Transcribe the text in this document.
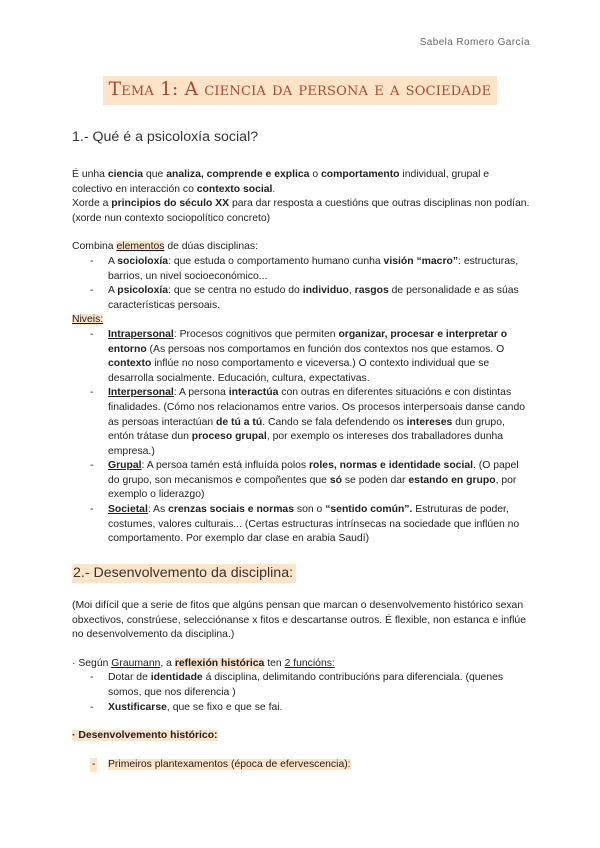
Sabela Romero García
Tema 1: A ciencia da persona e a sociedade
1.- Qué é a psicoloxía social?

É unha ciencia que analiza, comprende e explica o comportamento individual, grupal e colectivo en interacción co contexto social.

Xorde a principios do século XX para dar resposta a cuestións que outras disciplinas non podían. (xorde nun contexto sociopolítico concreto)

Combina elementos de dúas disciplinas:

- A socioloxía: que estuda o comportamento humano cunha visión “macro”: estructuras, barrios, un nivel socioeconómico...
- A psicoloxía: que se centra no estudo do individuo, rasgos de personalidade e as súas características persoais.

Niveis:

- Intrapersonal: Procesos cognitivos que permiten organizar, procesar e interpretar o entorno (As persoas nos comportamos en función dos contextos nos que estamos. O contexto inflúe no noso comportamento e viceversa.) O contexto individual que se desarrolla socialmente. Educación, cultura, expectativas.
- Interpersonal: A persona interactúa con outras en diferentes situacións e con distintas finalidades. (Cómo nos relacionamos entre varios. Os procesos interpersoais danse cando as persoas interactúan de tú a tú. Cando se fala defendendo os intereses dun grupo, entón trátase dun proceso grupal, por exemplo os intereses dos traballadores dunha empresa.)
- Grupal: A persoa tamén está influída polos roles, normas e identidade social. (O papel do grupo, son mecanismos e compoñentes que só se poden dar estando en grupo, por exemplo o liderazgo)
- Societal: As crenzas sociais e normas son o “sentido común”. Estruturas de poder, costumes, valores culturais... (Certas estructuras intrínsecas na sociedade que inflúen no comportamento. Por exemplo dar clase en arabia Saudí)
2.- Desenvolvemento da disciplina:

(Moi difícil que a serie de fitos que algúns pensan que marcan o desenvolvemento histórico sexan obxectivos, constrúese, selecciónanse x fitos e descartanse outros. É flexible, non estanca e inflúe no desenvolvemento da disciplina.)

· Según Graumann, a reflexión histórica ten 2 funcións:

- Dotar de identidade á disciplina, delimitando contribucións para diferenciala. (quenes somos, que nos diferencia )
- Xustificarse, que se fixo e que se fai.

· Desenvolvemento histórico:

- Primeiros plantexamentos (época de efervescencia):
